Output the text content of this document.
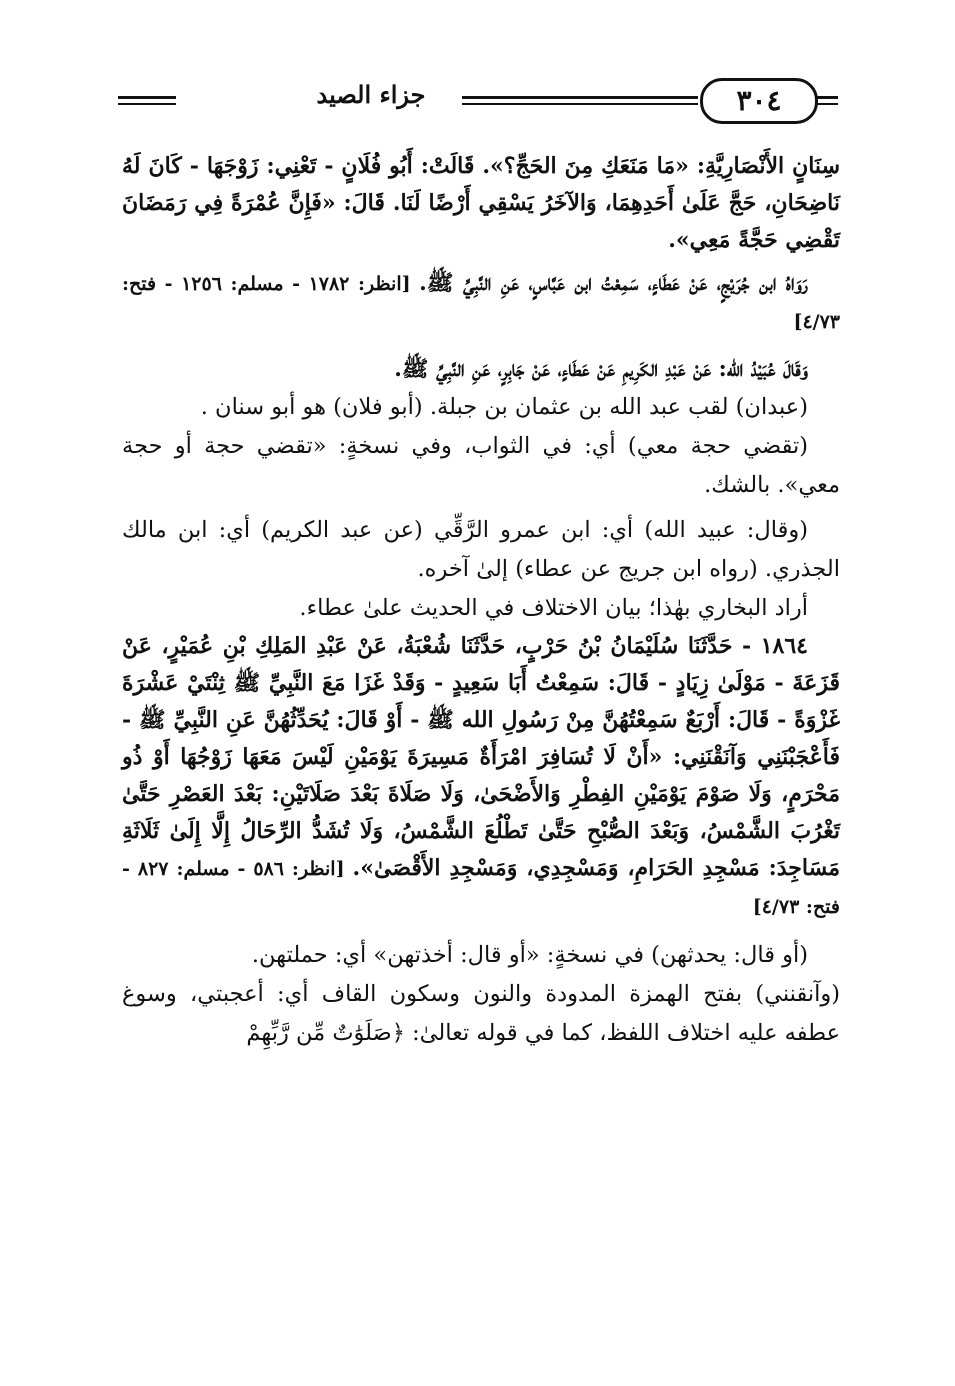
جزاء الصيد	٣٠٤

سِنَانٍ الأَنْصَارِيَّةِ: «مَا مَنَعَكِ مِنَ الحَجِّ؟». قَالَتْ: أَبُو فُلَانٍ - تَعْنِي: زَوْجَهَا - كَانَ لَهُ نَاضِحَانِ، حَجَّ عَلَىٰ أَحَدِهِمَا، وَالآخَرُ يَسْقِي أَرْضًا لَنَا. قَالَ: «فَإِنَّ عُمْرَةً فِي رَمَضَانَ تَقْضِي حَجَّةً مَعِي».

رَوَاهُ ابن جُرَيْجٍ، عَنْ عَطَاءٍ، سَمِعْتُ ابن عَبَّاسٍ، عَنِ النَّبِيِّ ﷺ. [انظر: ١٧٨٢ - مسلم: ١٢٥٦ - فتح: ٤/٧٣]

وَقَالَ عُبَيْدُ الله: عَنْ عَبْدِ الكَرِيمِ عَنْ عَطَاءٍ، عَنْ جَابِرٍ، عَنِ النَّبِيِّ ﷺ.

(عبدان) لقب عبد الله بن عثمان بن جبلة. (أبو فلان) هو أبو سنان .

(تقضي حجة معي) أي: في الثواب، وفي نسخةٍ: «تقضي حجة أو حجة معي». بالشك.

(وقال: عبيد الله) أي: ابن عمرو الرَّقِّي (عن عبد الكريم) أي: ابن مالك الجذري. (رواه ابن جريج عن عطاء) إلىٰ آخره.

أراد البخاري بهٰذا؛ بيان الاختلاف في الحديث علىٰ عطاء.

١٨٦٤ - حَدَّثَنَا سُلَيْمَانُ بْنُ حَرْبٍ، حَدَّثَنَا شُعْبَةُ، عَنْ عَبْدِ المَلِكِ بْنِ عُمَيْرٍ، عَنْ قَزَعَةَ - مَوْلَىٰ زِيَادٍ - قَالَ: سَمِعْتُ أَبَا سَعِيدٍ - وَقَدْ غَزَا مَعَ النَّبِيِّ ﷺ ثِنْتَيْ عَشْرَةَ غَزْوَةً - قَالَ: أَرْبَعٌ سَمِعْتُهُنَّ مِنْ رَسُولِ الله ﷺ - أَوْ قَالَ: يُحَدِّثُهُنَّ عَنِ النَّبِيِّ ﷺ - فَأَعْجَبْنَنِي وَآنَقْنَنِي: «أَنْ لَا تُسَافِرَ امْرَأَةٌ مَسِيرَةَ يَوْمَيْنِ لَيْسَ مَعَهَا زَوْجُهَا أَوْ ذُو مَحْرَمٍ، وَلَا صَوْمَ يَوْمَيْنِ الفِطْرِ وَالأَضْحَىٰ، وَلَا صَلَاةَ بَعْدَ صَلَاتَيْنِ: بَعْدَ العَصْرِ حَتَّىٰ تَغْرُبَ الشَّمْسُ، وَبَعْدَ الصُّبْحِ حَتَّىٰ تَطْلُعَ الشَّمْسُ، وَلَا تُشَدُّ الرِّحَالُ إِلَّا إِلَىٰ ثَلَاثَةِ مَسَاجِدَ: مَسْجِدِ الحَرَامِ، وَمَسْجِدِي، وَمَسْجِدِ الأَقْصَىٰ». [انظر: ٥٨٦ - مسلم: ٨٢٧ - فتح: ٤/٧٣]

(أو قال: يحدثهن) في نسخةٍ: «أو قال: أخذتهن» أي: حملتهن.

(وآنقنني) بفتح الهمزة المدودة والنون وسكون القاف أي: أعجبتي، وسوغ عطفه عليه اختلاف اللفظ، كما في قوله تعالىٰ: ﴿صَلَوَٰتٌ مِّن رَّبِّهِمْ
